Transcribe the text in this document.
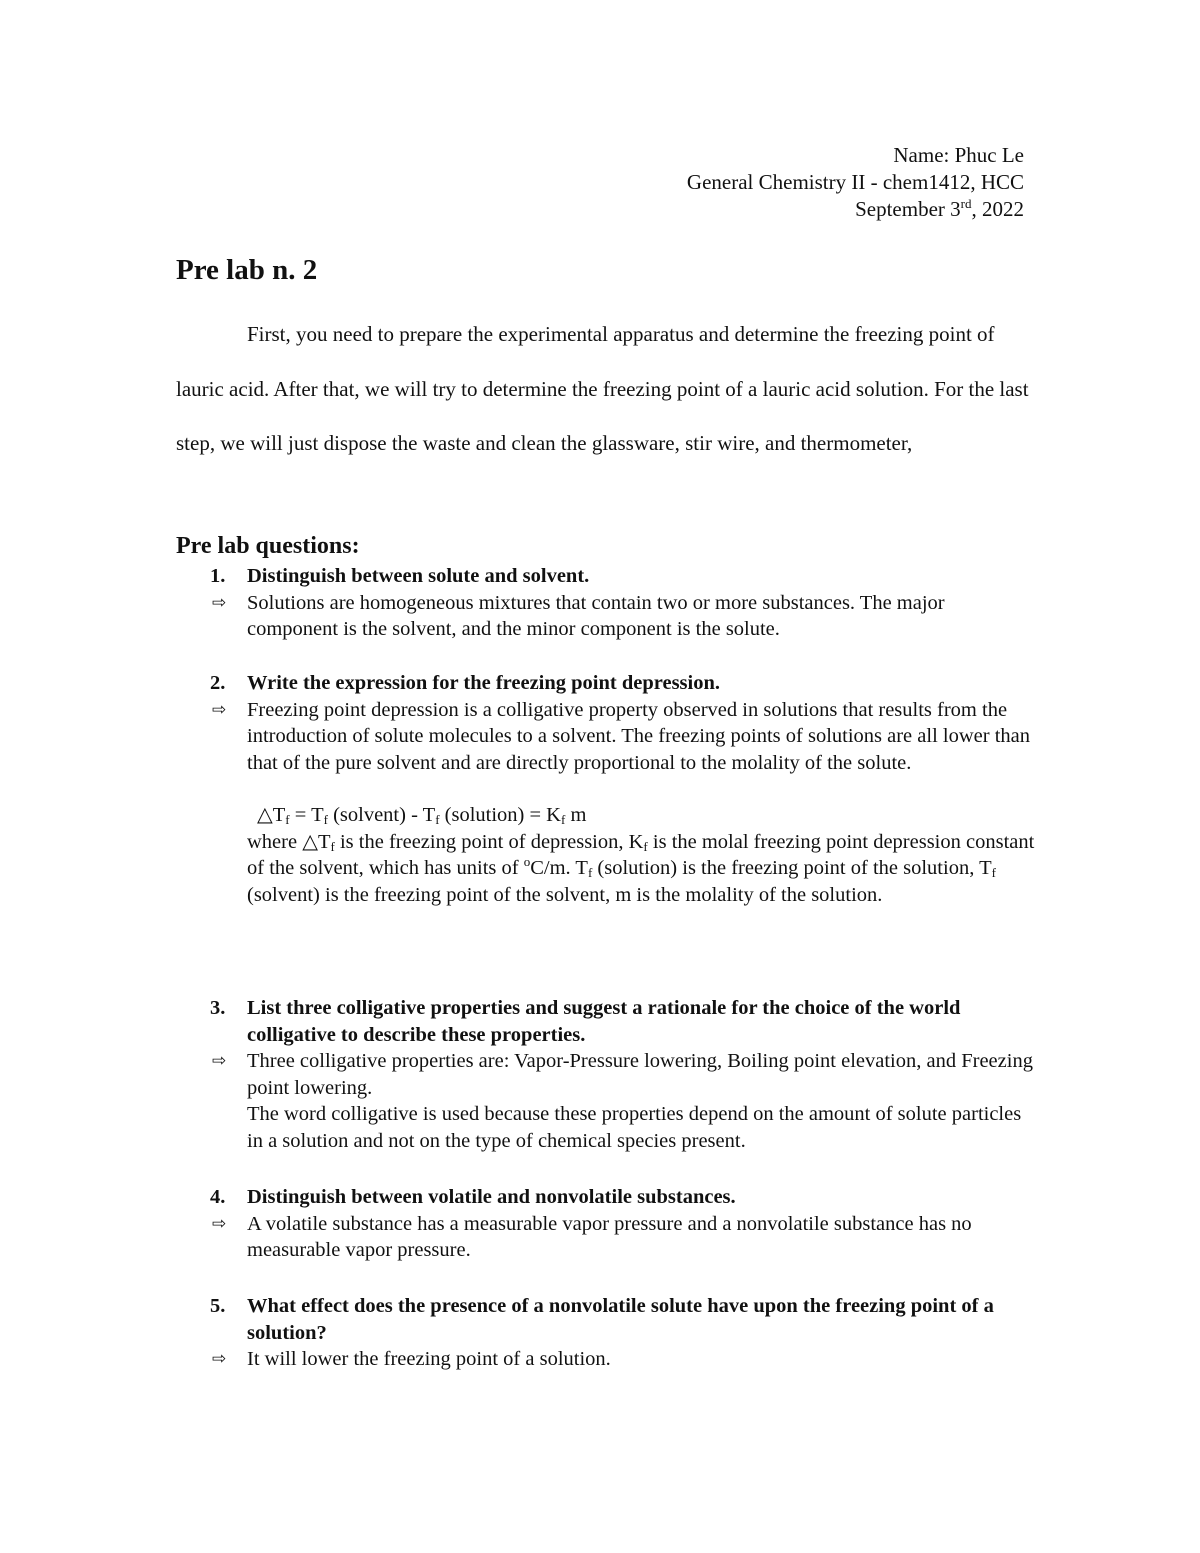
Name: Phuc Le
General Chemistry II - chem1412, HCC
September 3rd, 2022
Pre lab n. 2

First, you need to prepare the experimental apparatus and determine the freezing point of lauric acid. After that, we will try to determine the freezing point of a lauric acid solution. For the last step, we will just dispose the waste and clean the glassware, stir wire, and thermometer,

Pre lab questions:
1. Distinguish between solute and solvent.
⇨ Solutions are homogeneous mixtures that contain two or more substances. The major component is the solvent, and the minor component is the solute.
2. Write the expression for the freezing point depression.
⇨ Freezing point depression is a colligative property observed in solutions that results from the introduction of solute molecules to a solvent. The freezing points of solutions are all lower than that of the pure solvent and are directly proportional to the molality of the solute.
$\triangle T_f = T_f$ (solvent) - $T_f$ (solution) = $K_f$ m
where $\triangle T_f$ is the freezing point of depression, $K_f$ is the molal freezing point depression constant of the solvent, which has units of $^o$C/m. $T_f$ (solution) is the freezing point of the solution, $T_f$ (solvent) is the freezing point of the solvent, m is the molality of the solution.
3. List three colligative properties and suggest a rationale for the choice of the world colligative to describe these properties.
⇨ Three colligative properties are: Vapor-Pressure lowering, Boiling point elevation, and Freezing point lowering.
The word colligative is used because these properties depend on the amount of solute particles in a solution and not on the type of chemical species present.
4. Distinguish between volatile and nonvolatile substances.
⇨ A volatile substance has a measurable vapor pressure and a nonvolatile substance has no measurable vapor pressure.
5. What effect does the presence of a nonvolatile solute have upon the freezing point of a solution?
⇨ It will lower the freezing point of a solution.
